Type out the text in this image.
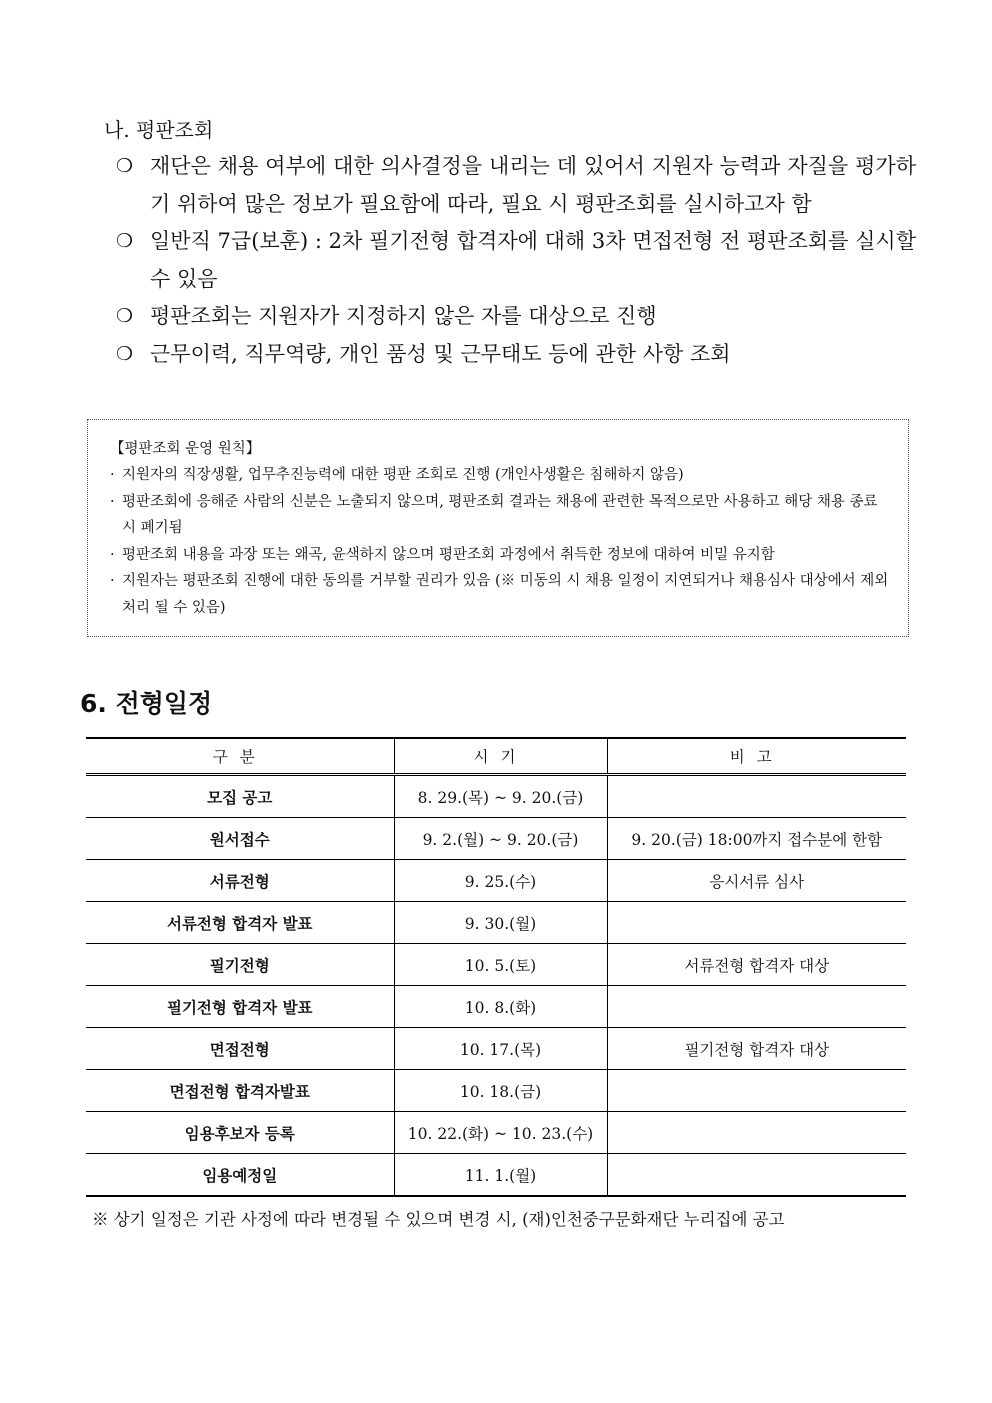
나. 평판조회
❍ 재단은 채용 여부에 대한 의사결정을 내리는 데 있어서 지원자 능력과 자질을 평가하기 위하여 많은 정보가 필요함에 따라, 필요 시 평판조회를 실시하고자 함
❍ 일반직 7급(보훈) : 2차 필기전형 합격자에 대해 3차 면접전형 전 평판조회를 실시할 수 있음
❍ 평판조회는 지원자가 지정하지 않은 자를 대상으로 진행
❍ 근무이력, 직무역량, 개인 품성 및 근무태도 등에 관한 사항 조회
【평판조회 운영 원칙】
· 지원자의 직장생활, 업무추진능력에 대한 평판 조회로 진행 (개인사생활은 침해하지 않음)
· 평판조회에 응해준 사람의 신분은 노출되지 않으며, 평판조회 결과는 채용에 관련한 목적으로만 사용하고 해당 채용 종료시 폐기됨
· 평판조회 내용을 과장 또는 왜곡, 윤색하지 않으며 평판조회 과정에서 취득한 정보에 대하여 비밀 유지함
· 지원자는 평판조회 진행에 대한 동의를 거부할 권리가 있음 (※ 미동의 시 채용 일정이 지연되거나 채용심사 대상에서 제외 처리 될 수 있음)
6. 전형일정
구분	시기	비고
모집 공고	8. 29.(목) ~ 9. 20.(금)	
원서접수	9. 2.(월) ~ 9. 20.(금)	9. 20.(금) 18:00까지 접수분에 한함
서류전형	9. 25.(수)	응시서류 심사
서류전형 합격자 발표	9. 30.(월)	
필기전형	10. 5.(토)	서류전형 합격자 대상
필기전형 합격자 발표	10. 8.(화)	
면접전형	10. 17.(목)	필기전형 합격자 대상
면접전형 합격자발표	10. 18.(금)	
임용후보자 등록	10. 22.(화) ~ 10. 23.(수)	
임용예정일	11. 1.(월)	
※ 상기 일정은 기관 사정에 따라 변경될 수 있으며 변경 시, (재)인천중구문화재단 누리집에 공고
